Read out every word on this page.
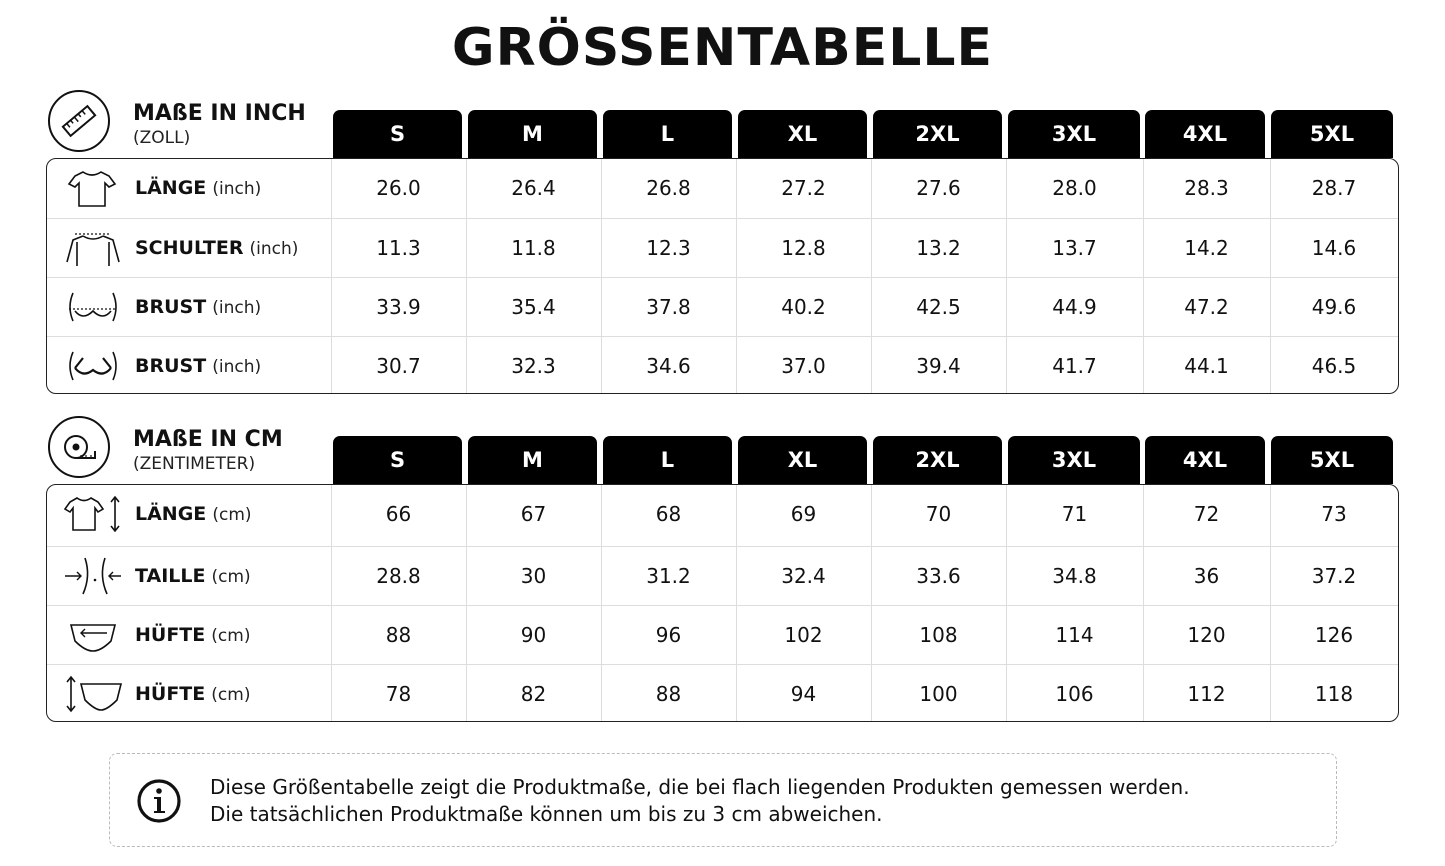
GRÖSSENTABELLE
MAßE IN INCH
(ZOLL)	S	M	L	XL	2XL	3XL	4XL	5XL
LÄNGE (inch)	26.0	26.4	26.8	27.2	27.6	28.0	28.3	28.7
SCHULTER (inch)	11.3	11.8	12.3	12.8	13.2	13.7	14.2	14.6
BRUST (inch)	33.9	35.4	37.8	40.2	42.5	44.9	47.2	49.6
BRUST (inch)	30.7	32.3	34.6	37.0	39.4	41.7	44.1	46.5
MAßE IN CM
(ZENTIMETER)	S	M	L	XL	2XL	3XL	4XL	5XL
LÄNGE (cm)	66	67	68	69	70	71	72	73
TAILLE (cm)	28.8	30	31.2	32.4	33.6	34.8	36	37.2
HÜFTE (cm)	88	90	96	102	108	114	120	126
HÜFTE (cm)	78	82	88	94	100	106	112	118
Diese Größentabelle zeigt die Produktmaße, die bei flach liegenden Produkten gemessen werden.
Die tatsächlichen Produktmaße können um bis zu 3 cm abweichen.
